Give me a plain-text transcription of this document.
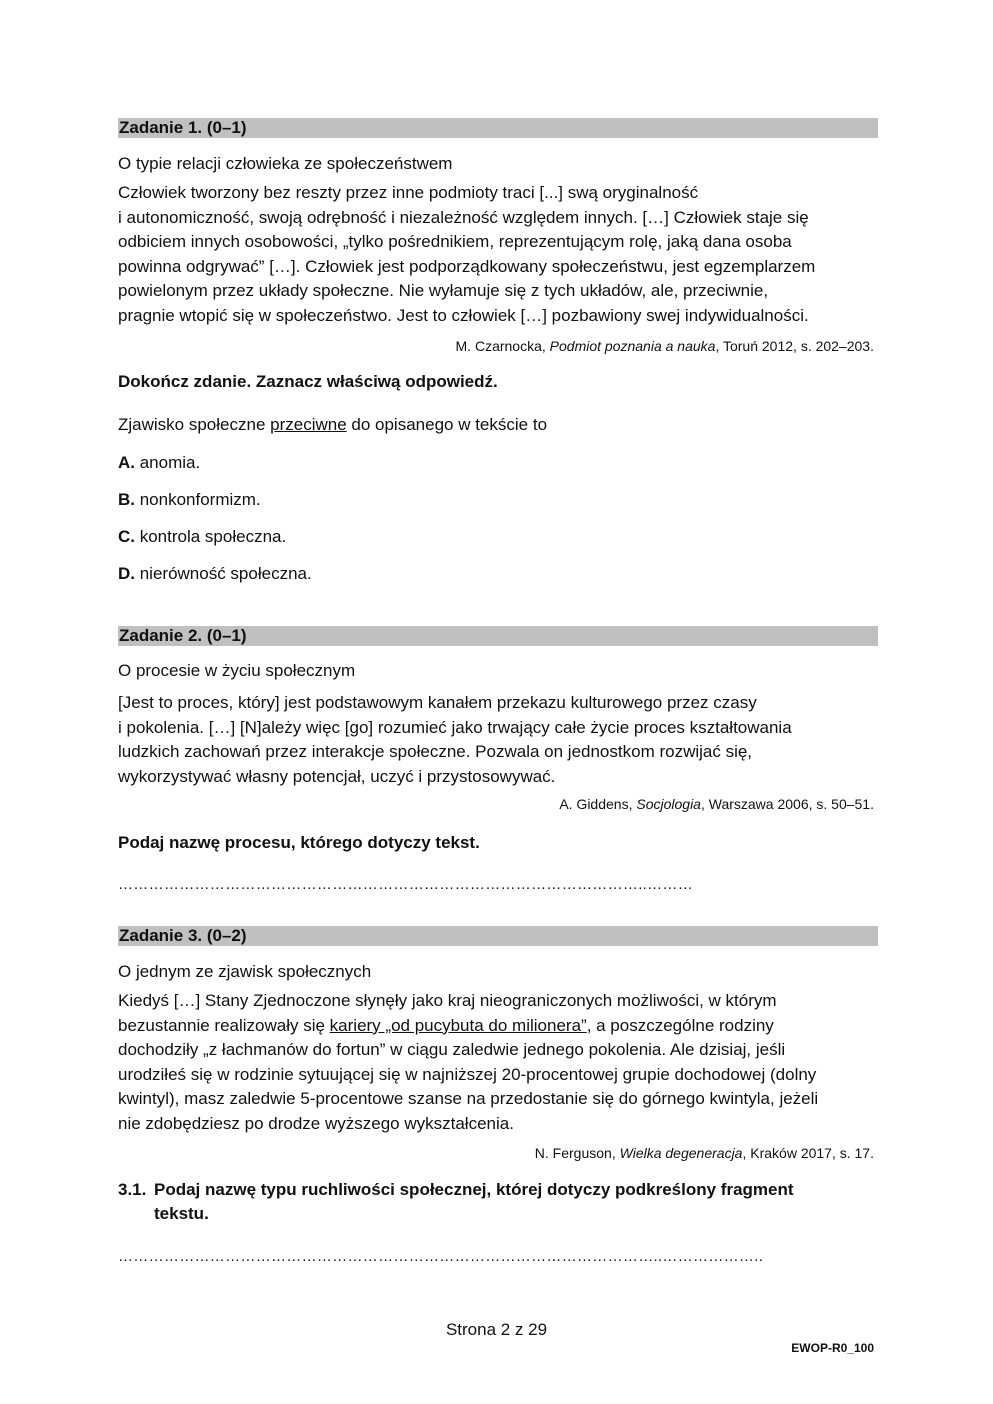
Zadanie 1. (0–1)

O typie relacji człowieka ze społeczeństwem

Człowiek tworzony bez reszty przez inne podmioty traci [...] swą oryginalność

i autonomiczność, swoją odrębność i niezależność względem innych. […] Człowiek staje się

odbiciem innych osobowości, „tylko pośrednikiem, reprezentującym rolę, jaką dana osoba

powinna odgrywać” […]. Człowiek jest podporządkowany społeczeństwu, jest egzemplarzem

powielonym przez układy społeczne. Nie wyłamuje się z tych układów, ale, przeciwnie,

pragnie wtopić się w społeczeństwo. Jest to człowiek […] pozbawiony swej indywidualności.

M. Czarnocka, Podmiot poznania a nauka, Toruń 2012, s. 202–203.

Dokończ zdanie. Zaznacz właściwą odpowiedź.

Zjawisko społeczne przeciwne do opisanego w tekście to

A. anomia.

B. nonkonformizm.

C. kontrola społeczna.

D. nierówność społeczna.

Zadanie 2. (0–1)

O procesie w życiu społecznym

[Jest to proces, który] jest podstawowym kanałem przekazu kulturowego przez czasy

i pokolenia. […] [N]ależy więc [go] rozumieć jako trwający całe życie proces kształtowania

ludzkich zachowań przez interakcje społeczne. Pozwala on jednostkom rozwijać się,

wykorzystywać własny potencjał, uczyć i przystosowywać.

A. Giddens, Socjologia, Warszawa 2006, s. 50–51.

Podaj nazwę procesu, którego dotyczy tekst.

…………………………………………………………………………………………..………
Zadanie 3. (0–2)

O jednym ze zjawisk społecznych

Kiedyś […] Stany Zjednoczone słynęły jako kraj nieograniczonych możliwości, w którym

bezustannie realizowały się kariery „od pucybuta do milionera”, a poszczególne rodziny

dochodziły „z łachmanów do fortun” w ciągu zaledwie jednego pokolenia. Ale dzisiaj, jeśli

urodziłeś się w rodzinie sytuującej się w najniższej 20-procentowej grupie dochodowej (dolny

kwintyl), masz zaledwie 5-procentowe szanse na przedostanie się do górnego kwintyla, jeżeli

nie zdobędziesz po drodze wyższego wykształcenia.

N. Ferguson, Wielka degeneracja, Kraków 2017, s. 17.

3.1. Podaj nazwę typu ruchliwości społecznej, której dotyczy podkreślony fragment tekstu.

……………………………………………………………………………………………..………………..
Strona 2 z 29
EWOP-R0_100
